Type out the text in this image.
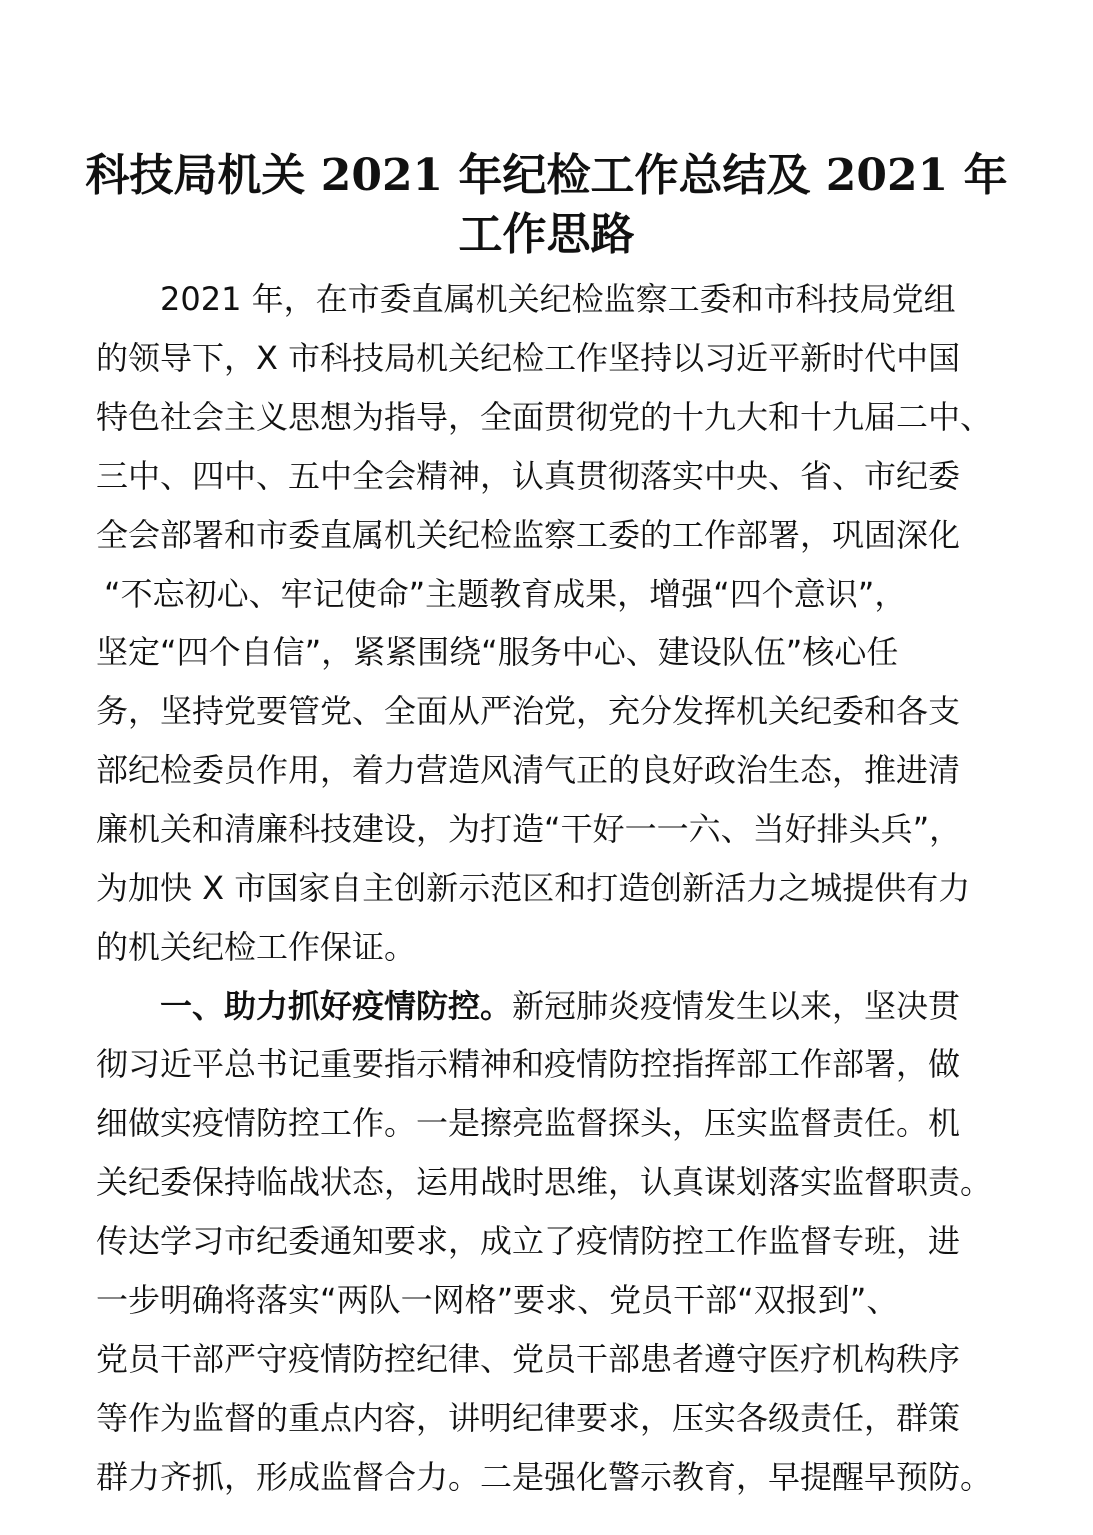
科技局机关 2021 年纪检工作总结及 2021 年
工作思路
2021 年，在市委直属机关纪检监察工委和市科技局党组
的领导下，X 市科技局机关纪检工作坚持以习近平新时代中国
特色社会主义思想为指导，全面贯彻党的十九大和十九届二中、
三中、四中、五中全会精神，认真贯彻落实中央、省、市纪委
全会部署和市委直属机关纪检监察工委的工作部署，巩固深化
“不忘初心、牢记使命”主题教育成果，增强“四个意识”，
坚定“四个自信”，紧紧围绕“服务中心、建设队伍”核心任
务，坚持党要管党、全面从严治党，充分发挥机关纪委和各支
部纪检委员作用，着力营造风清气正的良好政治生态，推进清
廉机关和清廉科技建设，为打造“干好一一六、当好排头兵”，
为加快 X 市国家自主创新示范区和打造创新活力之城提供有力
的机关纪检工作保证。
一、助力抓好疫情防控。新冠肺炎疫情发生以来，坚决贯
彻习近平总书记重要指示精神和疫情防控指挥部工作部署，做
细做实疫情防控工作。一是擦亮监督探头，压实监督责任。机
关纪委保持临战状态，运用战时思维，认真谋划落实监督职责。
传达学习市纪委通知要求，成立了疫情防控工作监督专班，进
一步明确将落实“两队一网格”要求、党员干部“双报到”、
党员干部严守疫情防控纪律、党员干部患者遵守医疗机构秩序
等作为监督的重点内容，讲明纪律要求，压实各级责任，群策
群力齐抓，形成监督合力。二是强化警示教育，早提醒早预防。
